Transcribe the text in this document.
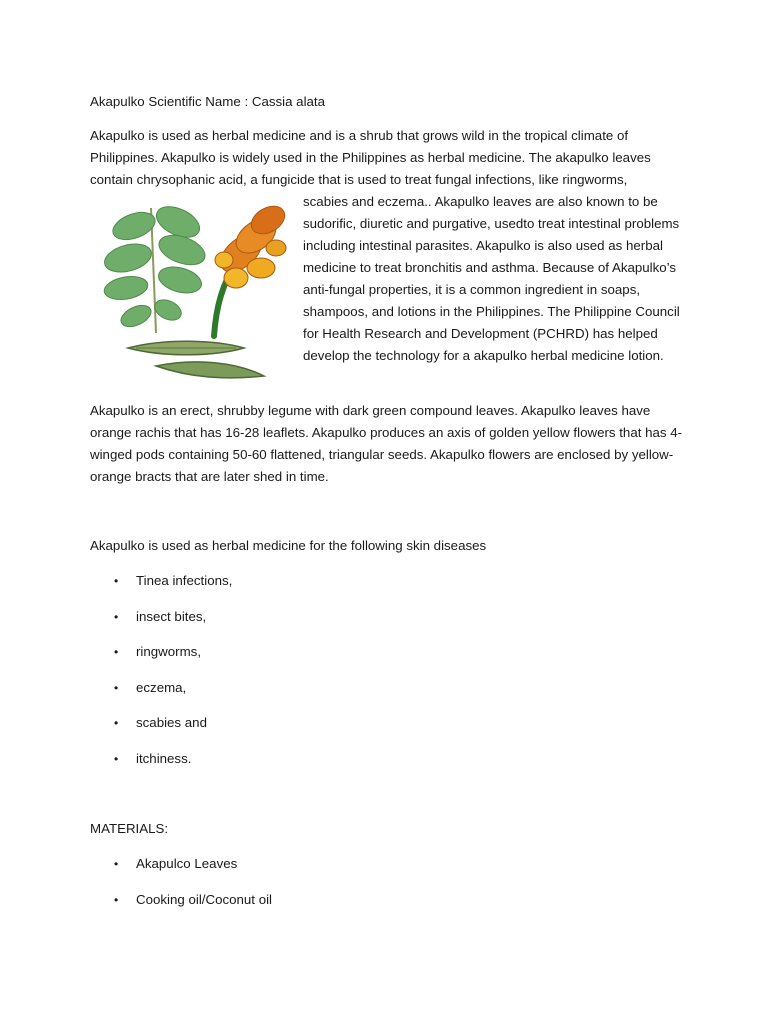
Akapulko Scientific Name : Cassia alata

Akapulko is used as herbal medicine and is a shrub that grows wild in the tropical climate of

Philippines. Akapulko is widely used in the Philippines as herbal medicine. The akapulko leaves

contain chrysophanic acid, a fungicide that is used to treat fungal infections, like ringworms,

scabies and eczema.. Akapulko leaves are also known to be sudorific, diuretic and purgative, usedto treat intestinal problems including intestinal parasites. Akapulko is also used as herbal medicine to treat bronchitis and asthma. Because of Akapulko’s anti-fungal properties, it is a common ingredient in soaps, shampoos, and lotions in the Philippines. The Philippine Council for Health Research and Development (PCHRD) has helped develop the technology for a akapulko herbal medicine lotion.

Akapulko is an erect, shrubby legume with dark green compound leaves. Akapulko leaves have orange rachis that has 16-28 leaflets. Akapulko produces an axis of golden yellow flowers that has 4-winged pods containing 50-60 flattened, triangular seeds. Akapulko flowers are enclosed by yellow-orange bracts that are later shed in time.

Akapulko is used as herbal medicine for the following skin diseases

• Tinea infections,
• insect bites,
• ringworms,
• eczema,
• scabies and
• itchiness.

MATERIALS:

• Akapulco Leaves
• Cooking oil/Coconut oil
